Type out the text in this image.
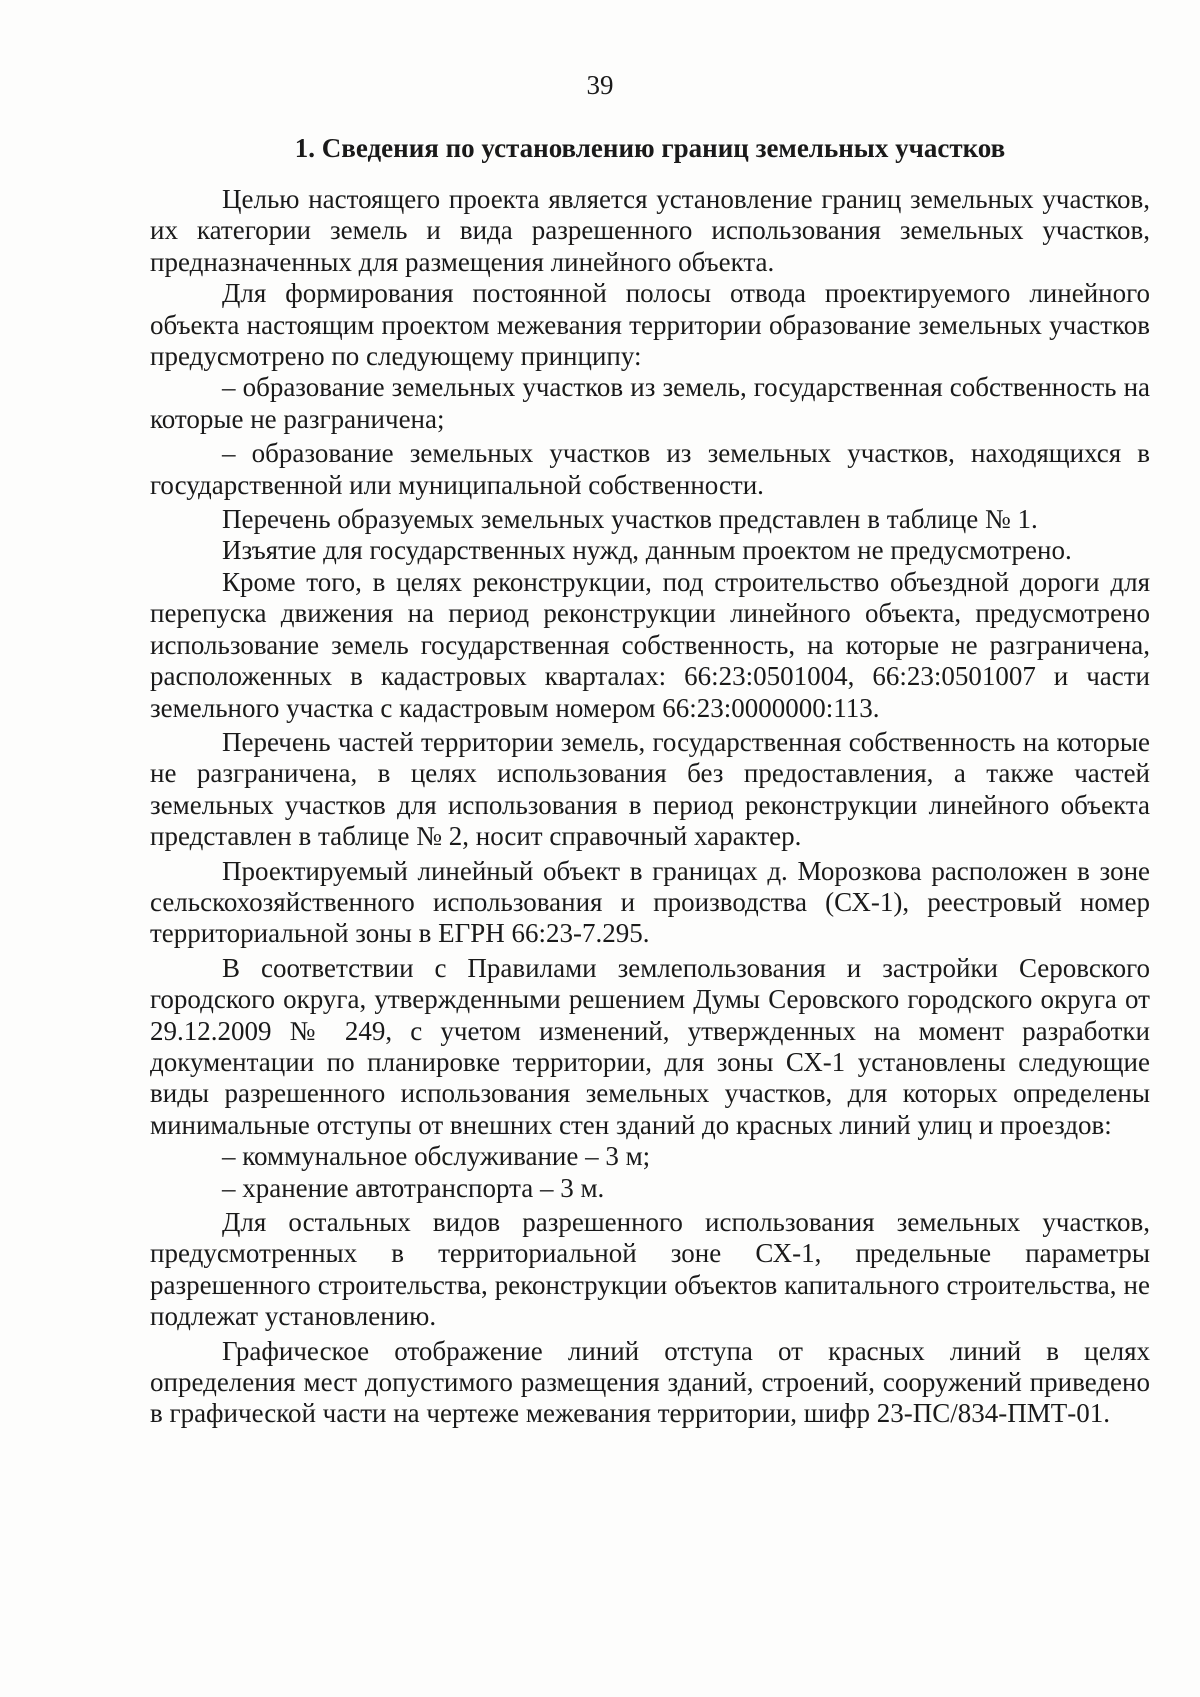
39
1. Сведения по установлению границ земельных участков

Целью настоящего проекта является установление границ земельных участков, их категории земель и вида разрешенного использования земельных участков, предназначенных для размещения линейного объекта.

Для формирования постоянной полосы отвода проектируемого линейного объекта настоящим проектом межевания территории образование земельных участков предусмотрено по следующему принципу:

– образование земельных участков из земель, государственная собственность на которые не разграничена;

– образование земельных участков из земельных участков, находящихся в государственной или муниципальной собственности.

Перечень образуемых земельных участков представлен в таблице № 1.

Изъятие для государственных нужд, данным проектом не предусмотрено.

Кроме того, в целях реконструкции, под строительство объездной дороги для перепуска движения на период реконструкции линейного объекта, предусмотрено использование земель государственная собственность, на которые не разграничена, расположенных в кадастровых кварталах: 66:23:0501004, 66:23:0501007 и части земельного участка с кадастровым номером 66:23:0000000:113.

Перечень частей территории земель, государственная собственность на которые не разграничена, в целях использования без предоставления, а также частей земельных участков для использования в период реконструкции линейного объекта представлен в таблице № 2, носит справочный характер.

Проектируемый линейный объект в границах д. Морозкова расположен в зоне сельскохозяйственного использования и производства (СХ-1), реестровый номер территориальной зоны в ЕГРН 66:23-7.295.

В соответствии с Правилами землепользования и застройки Серовского городского округа, утвержденными решением Думы Серовского городского округа от 29.12.2009 № 249, с учетом изменений, утвержденных на момент разработки документации по планировке территории, для зоны СХ-1 установлены следующие виды разрешенного использования земельных участков, для которых определены минимальные отступы от внешних стен зданий до красных линий улиц и проездов:

– коммунальное обслуживание – 3 м;

– хранение автотранспорта – 3 м.

Для остальных видов разрешенного использования земельных участков, предусмотренных в территориальной зоне СХ-1, предельные параметры разрешенного строительства, реконструкции объектов капитального строительства, не подлежат установлению.

Графическое отображение линий отступа от красных линий в целях определения мест допустимого размещения зданий, строений, сооружений приведено в графической части на чертеже межевания территории, шифр 23-ПС/834-ПМТ-01.
